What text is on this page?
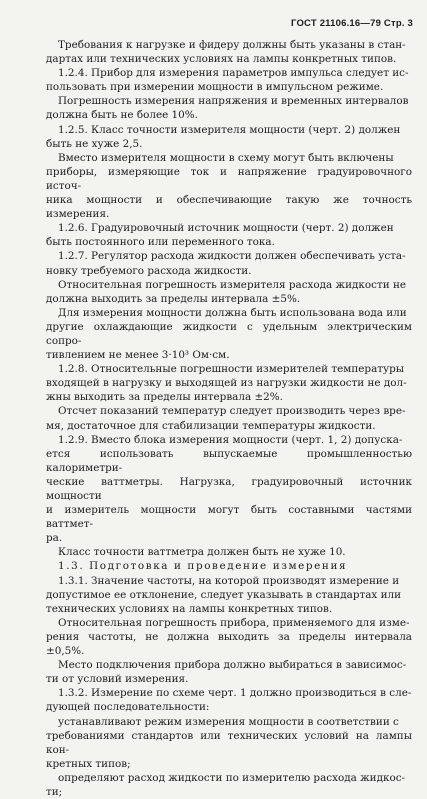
ГОСТ 21106.16—79 Стр. 3

Требования к нагрузке и фидеру должны быть указаны в стан-

дартах или технических условиях на лампы конкретных типов.

1.2.4. Прибор для измерения параметров импульса следует ис-

пользовать при измерении мощности в импульсном режиме.

Погрешность измерения напряжения и временных интервалов

должна быть не более 10%.

1.2.5. Класс точности измерителя мощности (черт. 2) должен

быть не хуже 2,5.

Вместо измерителя мощности в схему могут быть включены

приборы, измеряющие ток и напряжение градуировочного источ-

ника мощности и обеспечивающие такую же точность измерения.

1.2.6. Градуировочный источник мощности (черт. 2) должен

быть постоянного или переменного тока.

1.2.7. Регулятор расхода жидкости должен обеспечивать уста-

новку требуемого расхода жидкости.

Относительная погрешность измерителя расхода жидкости не

должна выходить за пределы интервала ±5%.

Для измерения мощности должна быть использована вода или

другие охлаждающие жидкости с удельным электрическим сопро-

тивлением не менее 3·10³ Ом·см.

1.2.8. Относительные погрешности измерителей температуры

входящей в нагрузку и выходящей из нагрузки жидкости не дол-

жны выходить за пределы интервала ±2%.

Отсчет показаний температур следует производить через вре-

мя, достаточное для стабилизации температуры жидкости.

1.2.9. Вместо блока измерения мощности (черт. 1, 2) допуска-

ется использовать выпускаемые промышленностью калориметри-

ческие ваттметры. Нагрузка, градуировочный источник мощности

и измеритель мощности могут быть составными частями ваттмет-

ра.

Класс точности ваттметра должен быть не хуже 10.

1.3. Подготовка и проведение измерения

1.3.1. Значение частоты, на которой производят измерение и

допустимое ее отклонение, следует указывать в стандартах или

технических условиях на лампы конкретных типов.

Относительная погрешность прибора, применяемого для изме-

рения частоты, не должна выходить за пределы интервала ±0,5%.

Место подключения прибора должно выбираться в зависимос-

ти от условий измерения.

1.3.2. Измерение по схеме черт. 1 должно производиться в сле-

дующей последовательности:

устанавливают режим измерения мощности в соответствии с

требованиями стандартов или технических условий на лампы кон-

кретных типов;

определяют расход жидкости по измерителю расхода жидкос-

ти;
